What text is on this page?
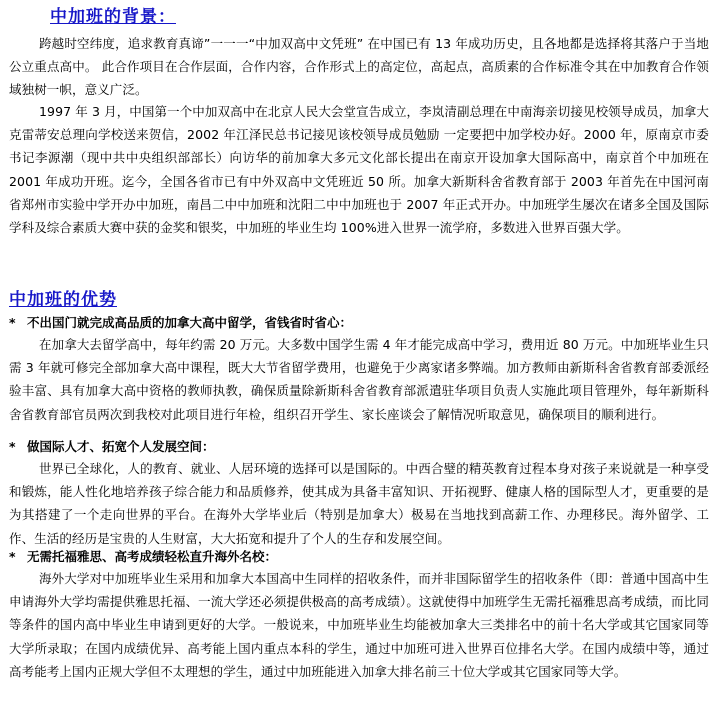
中加班的背景：
跨越时空纬度，追求教育真谛”一一一“中加双高中文凭班” 在中国已有 13 年成功历史，且各地都是选择将其落户于当地公立重点高中。 此合作项目在合作层面，合作内容，合作形式上的高定位，高起点，高质素的合作标准令其在中加教育合作领域独树一帜，意义广泛。
1997 年 3 月，中国第一个中加双高中在北京人民大会堂宣告成立，李岚清副总理在中南海亲切接见校领导成员，加拿大克雷蒂安总理向学校送来贺信，2002 年江泽民总书记接见该校领导成员勉励 一定要把中加学校办好。2000 年，原南京市委书记李源潮（现中共中央组织部部长）向访华的前加拿大多元文化部长提出在南京开设加拿大国际高中，南京首个中加班在 2001 年成功开班。迄今，全国各省市已有中外双高中文凭班近 50 所。加拿大新斯科舍省教育部于 2003 年首先在中国河南省郑州市实验中学开办中加班，南昌二中中加班和沈阳二中中加班也于 2007 年正式开办。中加班学生屡次在诸多全国及国际学科及综合素质大赛中获的金奖和银奖，中加班的毕业生均 100%进入世界一流学府，多数进入世界百强大学。
中加班的优势
* 不出国门就完成高品质的加拿大高中留学，省钱省时省心：
在加拿大去留学高中，每年约需 20 万元。大多数中国学生需 4 年才能完成高中学习，费用近 80 万元。中加班毕业生只需 3 年就可修完全部加拿大高中课程，既大大节省留学费用，也避免于少离家诸多弊端。加方教师由新斯科舍省教育部委派经验丰富、具有加拿大高中资格的教师执教，确保质量除新斯科舍省教育部派遣驻华项目负责人实施此项目管理外，每年新斯科舍省教育部官员两次到我校对此项目进行年检，组织召开学生、家长座谈会了解情况听取意见，确保项目的顺利进行。
* 做国际人才、拓宽个人发展空间：
世界已全球化，人的教育、就业、人居环境的选择可以是国际的。中西合璧的精英教育过程本身对孩子来说就是一种享受和锻炼，能人性化地培养孩子综合能力和品质修养，使其成为具备丰富知识、开拓视野、健康人格的国际型人才，更重要的是为其搭建了一个走向世界的平台。在海外大学毕业后（特别是加拿大）极易在当地找到高薪工作、办理移民。海外留学、工作、生活的经历是宝贵的人生财富，大大拓宽和提升了个人的生存和发展空间。
* 无需托福雅思、高考成绩轻松直升海外名校：
海外大学对中加班毕业生采用和加拿大本国高中生同样的招收条件，而并非国际留学生的招收条件（即：普通中国高中生申请海外大学均需提供雅思托福、一流大学还必须提供极高的高考成绩）。这就使得中加班学生无需托福雅思高考成绩，而比同等条件的国内高中毕业生申请到更好的大学。一般说来，中加班毕业生均能被加拿大三类排名中的前十名大学或其它国家同等大学所录取；在国内成绩优异、高考能上国内重点本科的学生，通过中加班可进入世界百位排名大学。在国内成绩中等，通过高考能考上国内正规大学但不太理想的学生，通过中加班能进入加拿大排名前三十位大学或其它国家同等大学。
